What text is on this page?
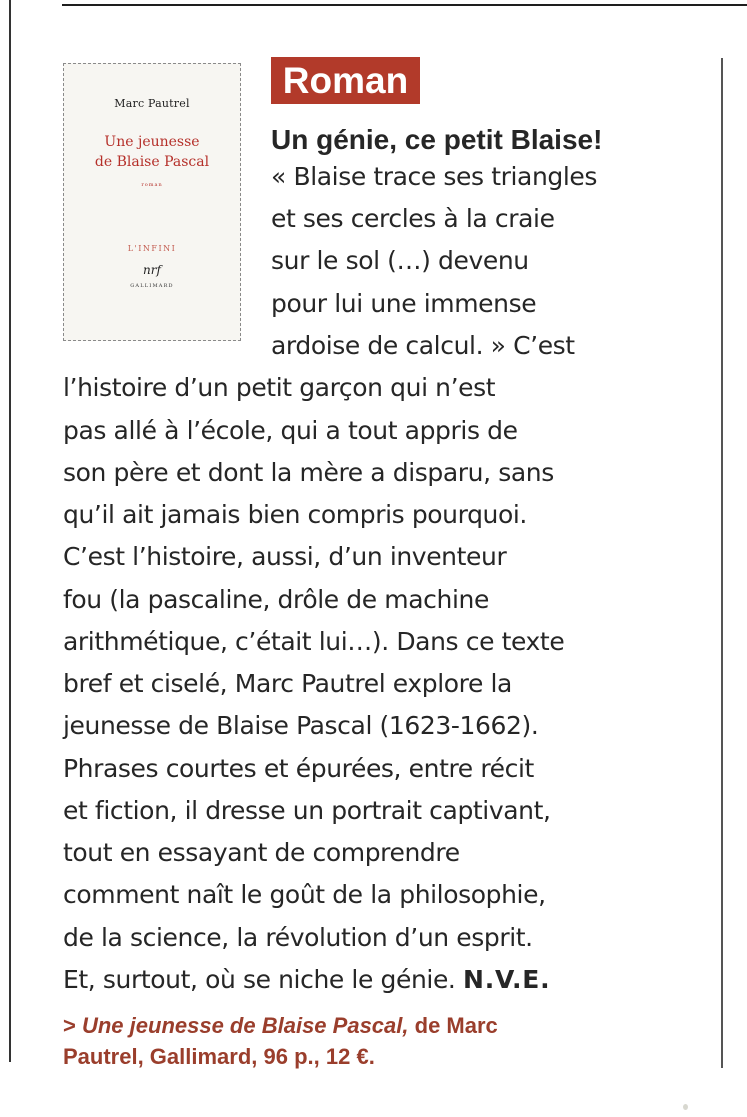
Marc Pautrel
Une jeunesse
de Blaise Pascal
roman
L'INFINI
nrf
GALLIMARD
Roman
Un génie, ce petit Blaise!
« Blaise trace ses triangles
et ses cercles à la craie
sur le sol (…) devenu
pour lui une immense
ardoise de calcul. » C’est
l’histoire d’un petit garçon qui n’est
pas allé à l’école, qui a tout appris de
son père et dont la mère a disparu, sans
qu’il ait jamais bien compris pourquoi.
C’est l’histoire, aussi, d’un inventeur
fou (la pascaline, drôle de machine
arithmétique, c’était lui…). Dans ce texte
bref et ciselé, Marc Pautrel explore la
jeunesse de Blaise Pascal (1623-1662).
Phrases courtes et épurées, entre récit
et fiction, il dresse un portrait captivant,
tout en essayant de comprendre
comment naît le goût de la philosophie,
de la science, la révolution d’un esprit.
Et, surtout, où se niche le génie. N.V.E.
> Une jeunesse de Blaise Pascal, de Marc
Pautrel, Gallimard, 96 p., 12 €.
